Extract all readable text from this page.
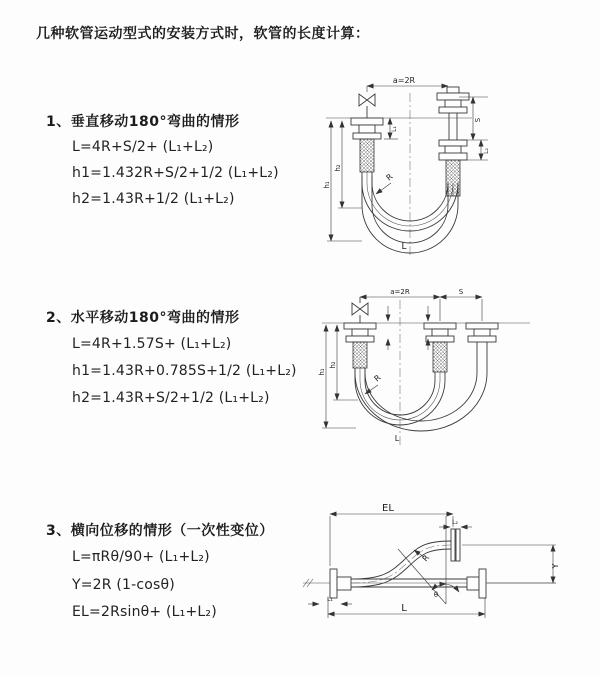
几种软管运动型式的安装方式时，软管的长度计算：
1、垂直移动180°弯曲的情形
L=4R+S/2+ (L₁+L₂)
h1=1.432R+S/2+1/2 (L₁+L₂)
h2=1.43R+1/2 (L₁+L₂)
2、水平移动180°弯曲的情形
L=4R+1.57S+ (L₁+L₂)
h1=1.43R+0.785S+1/2 (L₁+L₂)
h2=1.43R+S/2+1/2 (L₁+L₂)
3、横向位移的情形（一次性变位）
L=πRθ/90+ (L₁+L₂)
Y=2R (1-cosθ)
EL=2Rsinθ+ (L₁+L₂)
a=2R
R
h₁
h₂
L₁
S
L₂
L
a=2R	S
R
h₁
h₂
L
EL
L₂
Y
θ
R
L
L₁
